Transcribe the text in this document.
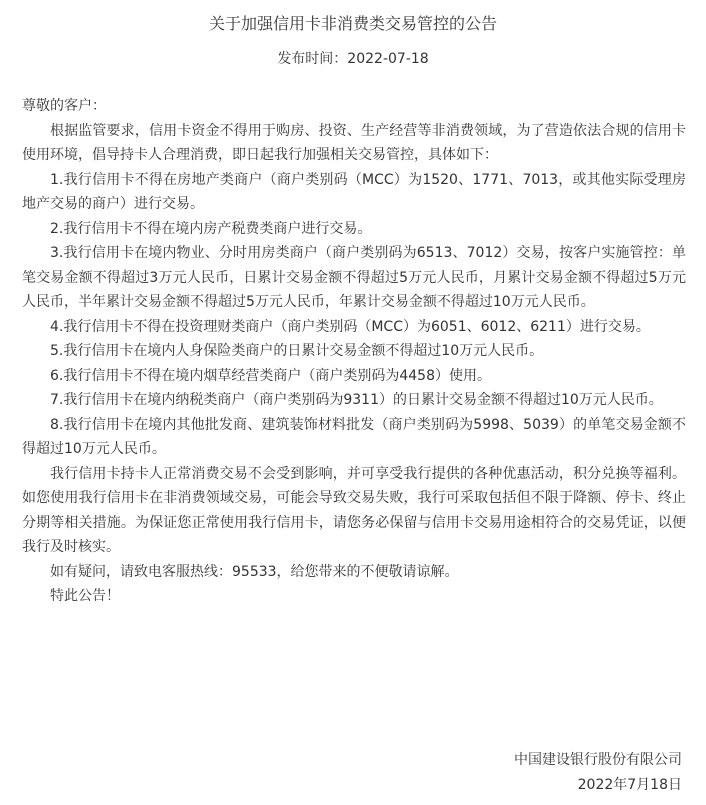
关于加强信用卡非消费类交易管控的公告
发布时间：2022-07-18

尊敬的客户：

根据监管要求，信用卡资金不得用于购房、投资、生产经营等非消费领域，为了营造依法合规的信用卡使用环境，倡导持卡人合理消费，即日起我行加强相关交易管控，具体如下：

1.我行信用卡不得在房地产类商户（商户类别码（MCC）为1520、1771、7013，或其他实际受理房地产交易的商户）进行交易。

2.我行信用卡不得在境内房产税费类商户进行交易。

3.我行信用卡在境内物业、分时用房类商户（商户类别码为6513、7012）交易，按客户实施管控：单笔交易金额不得超过3万元人民币，日累计交易金额不得超过5万元人民币，月累计交易金额不得超过5万元人民币，半年累计交易金额不得超过5万元人民币，年累计交易金额不得超过10万元人民币。

4.我行信用卡不得在投资理财类商户（商户类别码（MCC）为6051、6012、6211）进行交易。

5.我行信用卡在境内人身保险类商户的日累计交易金额不得超过10万元人民币。

6.我行信用卡不得在境内烟草经营类商户（商户类别码为4458）使用。

7.我行信用卡在境内纳税类商户（商户类别码为9311）的日累计交易金额不得超过10万元人民币。

8.我行信用卡在境内其他批发商、建筑装饰材料批发（商户类别码为5998、5039）的单笔交易金额不得超过10万元人民币。

我行信用卡持卡人正常消费交易不会受到影响，并可享受我行提供的各种优惠活动，积分兑换等福利。如您使用我行信用卡在非消费领域交易，可能会导致交易失败，我行可采取包括但不限于降额、停卡、终止分期等相关措施。为保证您正常使用我行信用卡，请您务必保留与信用卡交易用途相符合的交易凭证，以便我行及时核实。

如有疑问，请致电客服热线：95533，给您带来的不便敬请谅解。

特此公告！

中国建设银行股份有限公司
2022年7月18日
